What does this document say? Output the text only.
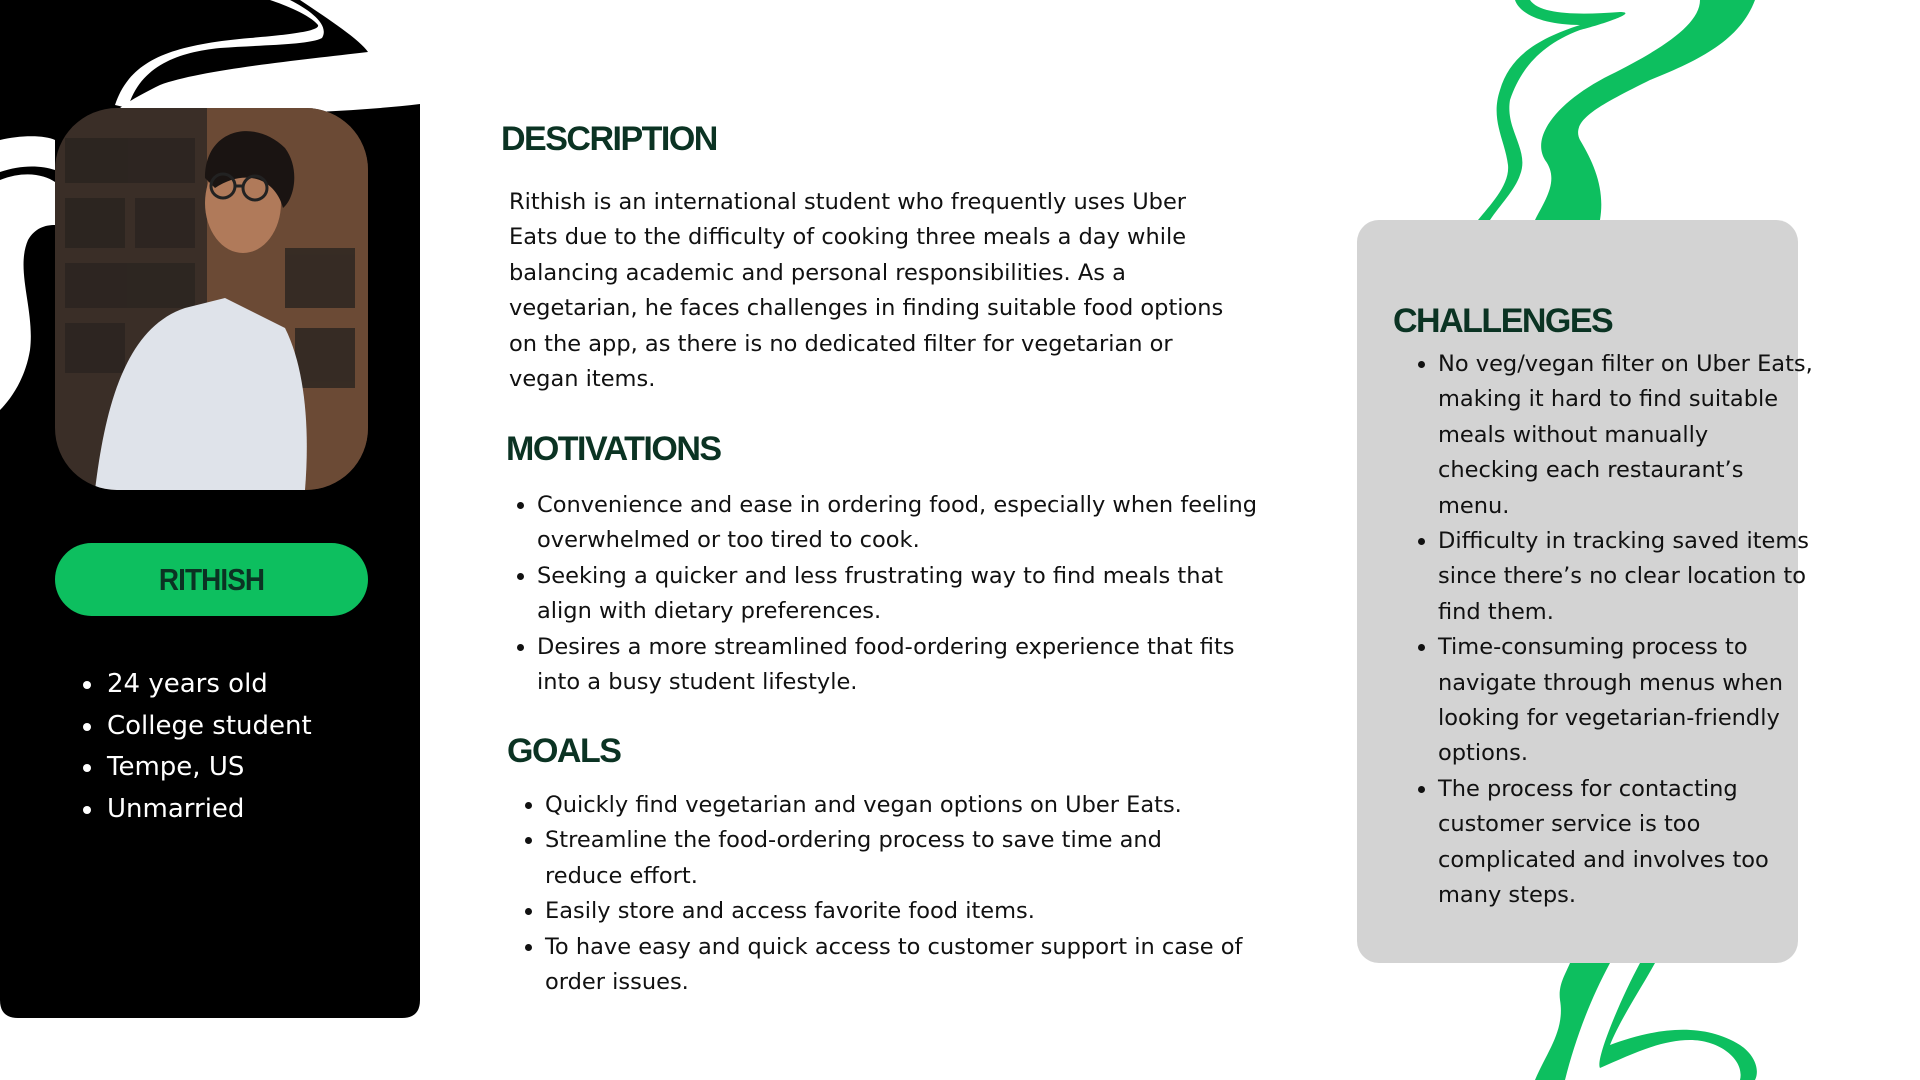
RITHISH
• 24 years old
• College student
• Tempe, US
• Unmarried
DESCRIPTION
Rithish is an international student who frequently uses Uber Eats due to the difficulty of cooking three meals a day while balancing academic and personal responsibilities. As a vegetarian, he faces challenges in finding suitable food options on the app, as there is no dedicated filter for vegetarian or vegan items.
MOTIVATIONS
• Convenience and ease in ordering food, especially when feeling overwhelmed or too tired to cook.
• Seeking a quicker and less frustrating way to find meals that align with dietary preferences.
• Desires a more streamlined food-ordering experience that fits into a busy student lifestyle.
GOALS
• Quickly find vegetarian and vegan options on Uber Eats.
• Streamline the food-ordering process to save time and reduce effort.
• Easily store and access favorite food items.
• To have easy and quick access to customer support in case of order issues.
CHALLENGES
• No veg/vegan filter on Uber Eats, making it hard to find suitable meals without manually checking each restaurant’s menu.
• Difficulty in tracking saved items since there’s no clear location to find them.
• Time-consuming process to navigate through menus when looking for vegetarian-friendly options.
• The process for contacting customer service is too complicated and involves too many steps.
